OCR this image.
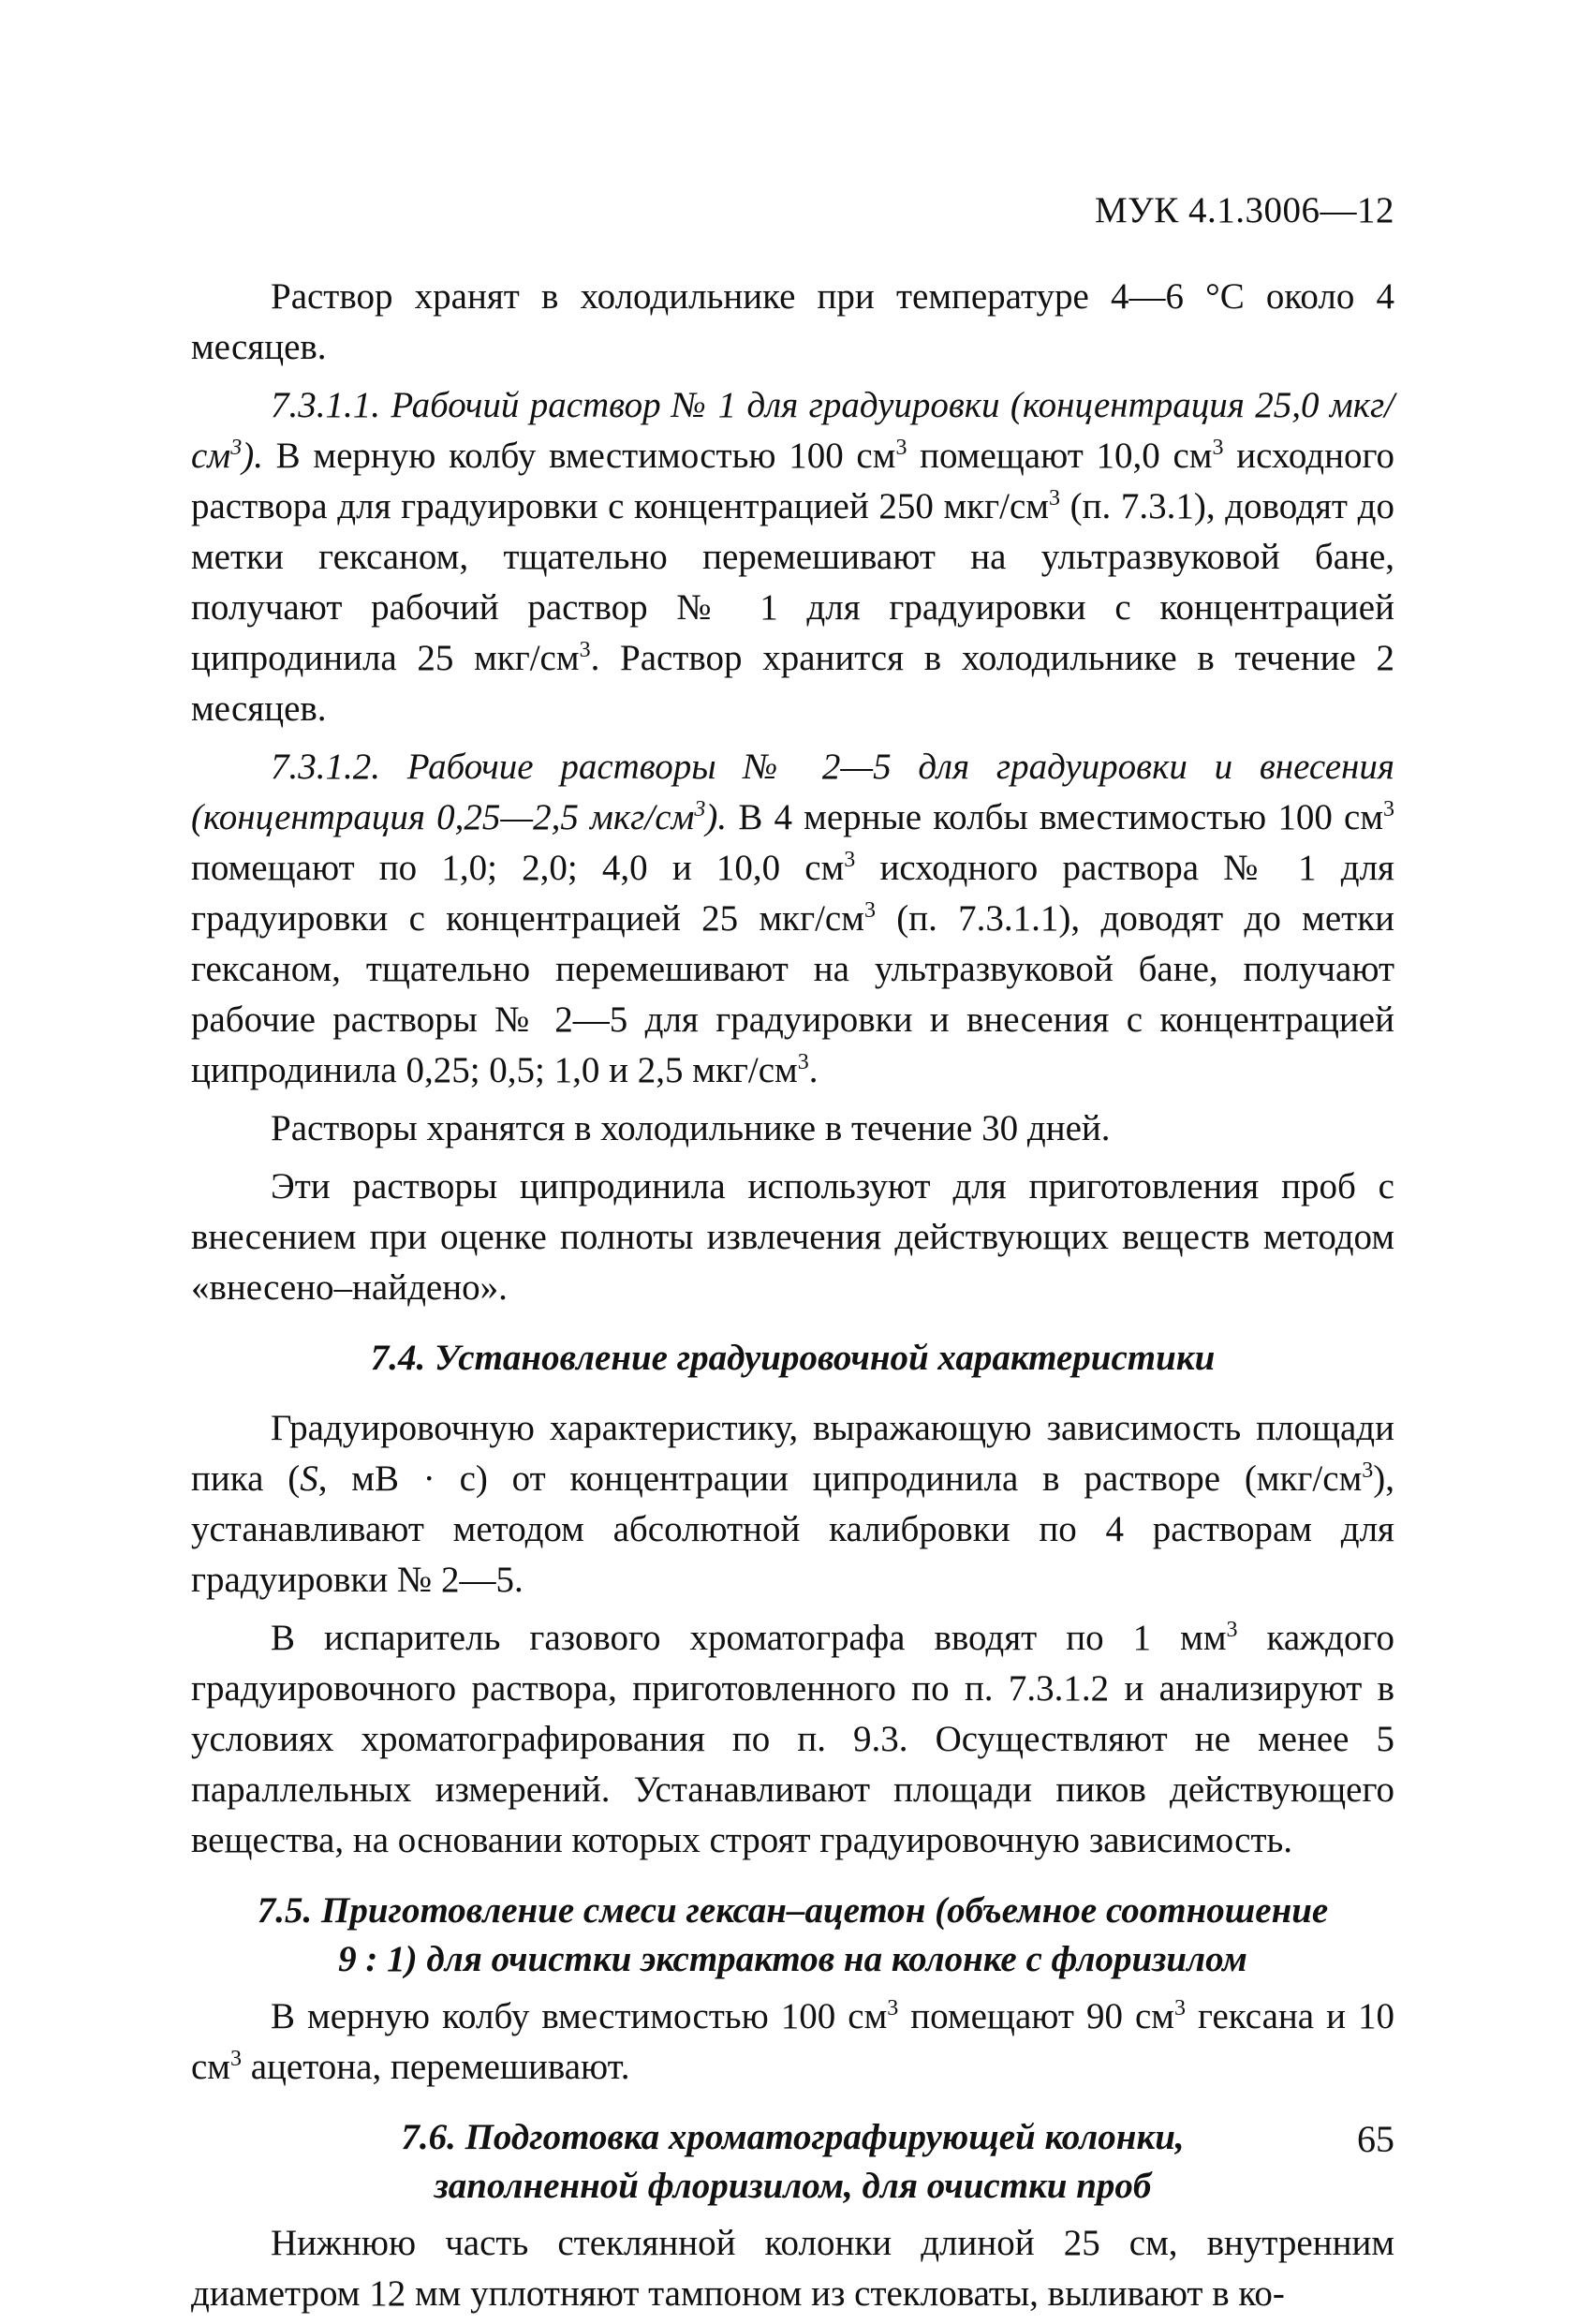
МУК 4.1.3006—12

Раствор хранят в холодильнике при температуре 4—6 °С около 4 месяцев.

7.3.1.1. Рабочий раствор № 1 для градуировки (концентрация 25,0 мкг/$см^3$). В мерную колбу вместимостью 100 $см^3$ помещают 10,0 $см^3$ исходного раствора для градуировки с концентрацией 250 мкг/$см^3$ (п. 7.3.1), доводят до метки гексаном, тщательно перемешивают на ультразвуковой бане, получают рабочий раствор № 1 для градуировки с концентрацией ципродинила 25 мкг/$см^3$. Раствор хранится в холодильнике в течение 2 месяцев.

7.3.1.2. Рабочие растворы № 2—5 для градуировки и внесения (концентрация 0,25—2,5 мкг/$см^3$). В 4 мерные колбы вместимостью 100 $см^3$ помещают по 1,0; 2,0; 4,0 и 10,0 $см^3$ исходного раствора № 1 для градуировки с концентрацией 25 мкг/$см^3$ (п. 7.3.1.1), доводят до метки гексаном, тщательно перемешивают на ультразвуковой бане, получают рабочие растворы № 2—5 для градуировки и внесения с концентрацией ципродинила 0,25; 0,5; 1,0 и 2,5 мкг/$см^3$.

Растворы хранятся в холодильнике в течение 30 дней.

Эти растворы ципродинила используют для приготовления проб с внесением при оценке полноты извлечения действующих веществ методом «внесено–найдено».

7.4. Установление градуировочной характеристики

Градуировочную характеристику, выражающую зависимость площади пика (S, мВ · с) от концентрации ципродинила в растворе $(мкг/см^3)$, устанавливают методом абсолютной калибровки по 4 растворам для градуировки № 2—5.

В испаритель газового хроматографа вводят по 1 $мм^3$ каждого градуировочного раствора, приготовленного по п. 7.3.1.2 и анализируют в условиях хроматографирования по п. 9.3. Осуществляют не менее 5 параллельных измерений. Устанавливают площади пиков действующего вещества, на основании которых строят градуировочную зависимость.

7.5. Приготовление смеси гексан–ацетон (объемное соотношение
9 : 1) для очистки экстрактов на колонке с флоризилом

В мерную колбу вместимостью 100 $см^3$ помещают 90 $см^3$ гексана и 10 $см^3$ ацетона, перемешивают.

7.6. Подготовка хроматографирующей колонки,
заполненной флоризилом, для очистки проб

Нижнюю часть стеклянной колонки длиной 25 см, внутренним диаметром 12 мм уплотняют тампоном из стекловаты, выливают в ко-

65
